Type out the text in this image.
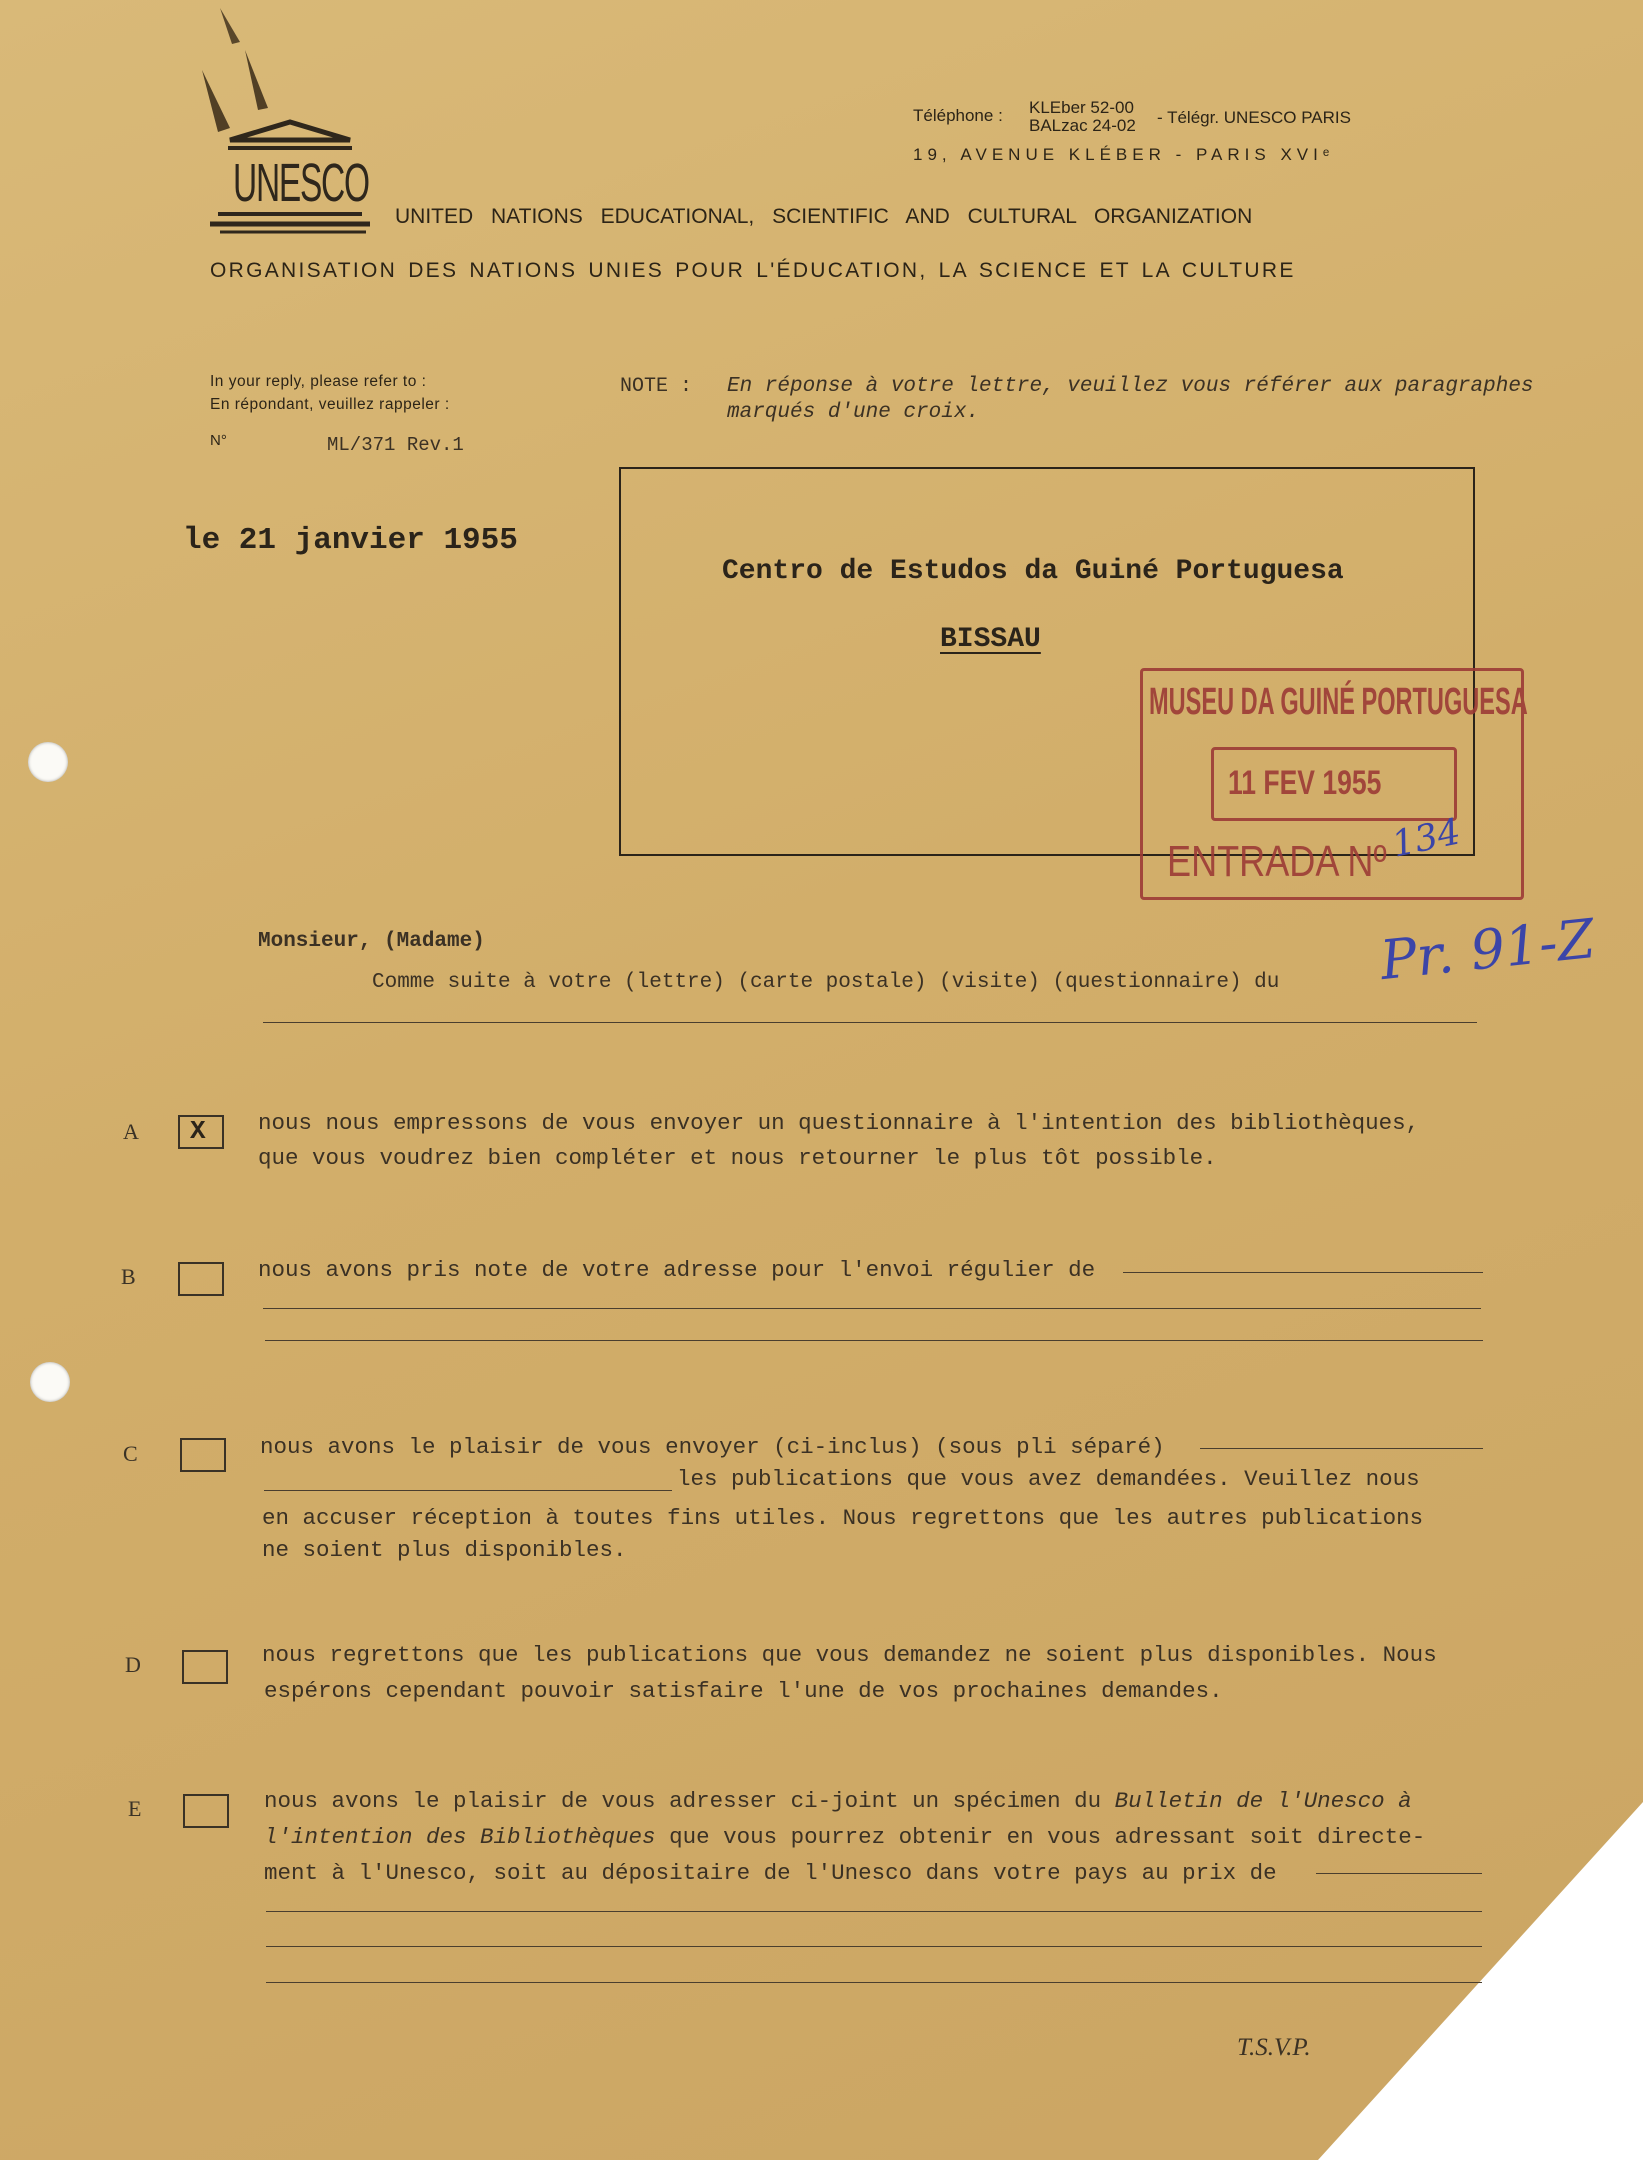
UNESCO
Téléphone : KLEber 52-00
BALzac 24-02 - Télégr. UNESCO PARIS
19, AVENUE KLÉBER - PARIS XVIᵉ
UNITED NATIONS EDUCATIONAL, SCIENTIFIC AND CULTURAL ORGANIZATION
ORGANISATION DES NATIONS UNIES POUR L'ÉDUCATION, LA SCIENCE ET LA CULTURE
In your reply, please refer to :
En répondant, veuillez rappeler :
N°	ML/371 Rev.1
NOTE : En réponse à votre lettre, veuillez vous référer aux paragraphes
marqués d'une croix.
le 21 janvier 1955
Centro de Estudos da Guiné Portuguesa
BISSAU
MUSEU DA GUINÉ PORTUGUESA
11 FEV 1955
ENTRADA Nº 134
Pr. 91-Z
Monsieur, (Madame)
Comme suite à votre (lettre) (carte postale) (visite) (questionnaire) du
A X nous nous empressons de vous envoyer un questionnaire à l'intention des bibliothèques,
que vous voudrez bien compléter et nous retourner le plus tôt possible.
B	nous avons pris note de votre adresse pour l'envoi régulier de
C	nous avons le plaisir de vous envoyer (ci-inclus) (sous pli séparé)
les publications que vous avez demandées. Veuillez nous
en accuser réception à toutes fins utiles. Nous regrettons que les autres publications
ne soient plus disponibles.
D	nous regrettons que les publications que vous demandez ne soient plus disponibles. Nous
espérons cependant pouvoir satisfaire l'une de vos prochaines demandes.
E	nous avons le plaisir de vous adresser ci-joint un spécimen du Bulletin de l'Unesco à
l'intention des Bibliothèques que vous pourrez obtenir en vous adressant soit directe-
ment à l'Unesco, soit au dépositaire de l'Unesco dans votre pays au prix de
T.S.V.P.
